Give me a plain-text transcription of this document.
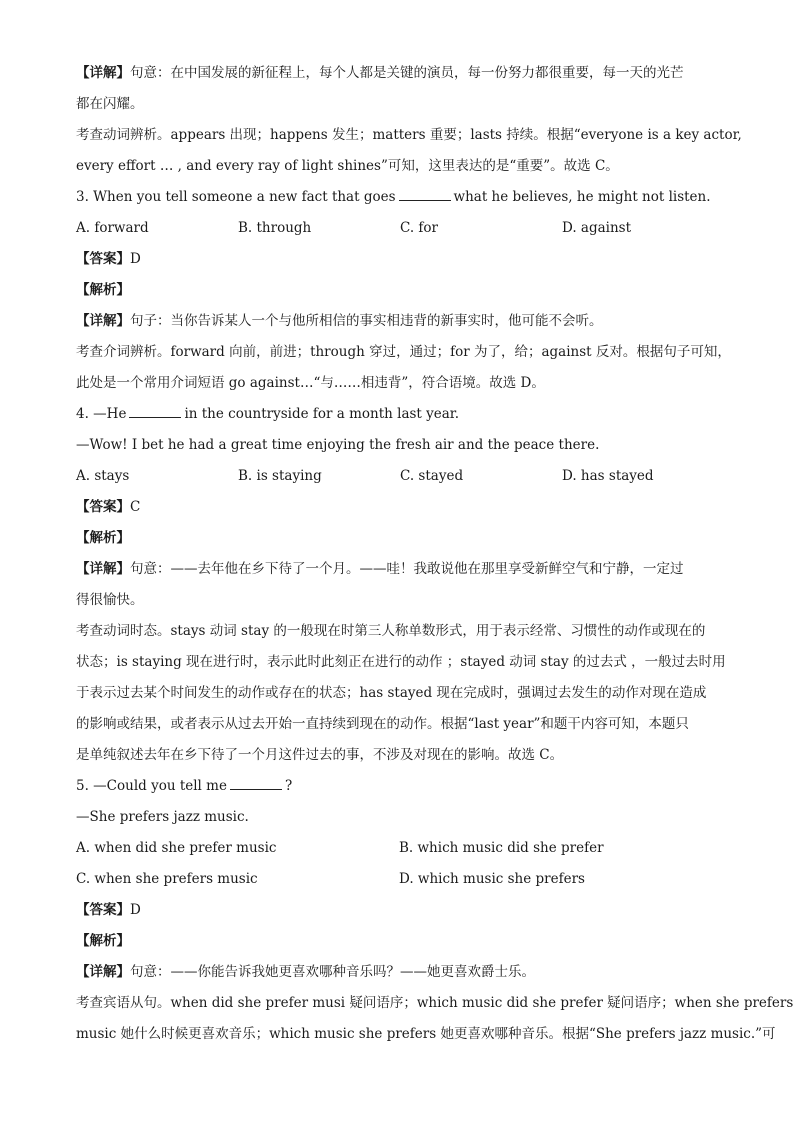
【详解】句意：在中国发展的新征程上，每个人都是关键的演员，每一份努力都很重要，每一天的光芒
都在闪耀。
考查动词辨析。appears 出现；happens 发生；matters 重要；lasts 持续。根据“everyone is a key actor,
every effort … , and every ray of light shines”可知，这里表达的是“重要”。故选 C。
3. When you tell someone a new fact that goes	what he believes, he might not listen.
A. forward	B. through	C. for	D. against
【答案】D
【解析】
【详解】句子：当你告诉某人一个与他所相信的事实相违背的新事实时，他可能不会听。
考查介词辨析。forward 向前，前进；through 穿过，通过；for 为了，给；against 反对。根据句子可知，
此处是一个常用介词短语 go against…“与……相违背”，符合语境。故选 D。
4. —He	in the countryside for a month last year.
—Wow! I bet he had a great time enjoying the fresh air and the peace there.
A. stays	B. is staying	C. stayed	D. has stayed
【答案】C
【解析】
【详解】句意：——去年他在乡下待了一个月。——哇！我敢说他在那里享受新鲜空气和宁静，一定过
得很愉快。
考查动词时态。stays 动词 stay 的一般现在时第三人称单数形式，用于表示经常、习惯性的动作或现在的
状态；is staying 现在进行时，表示此时此刻正在进行的动作 ；stayed 动词 stay 的过去式 ，一般过去时用
于表示过去某个时间发生的动作或存在的状态；has stayed 现在完成时，强调过去发生的动作对现在造成
的影响或结果，或者表示从过去开始一直持续到现在的动作。根据“last year”和题干内容可知，本题只
是单纯叙述去年在乡下待了一个月这件过去的事，不涉及对现在的影响。故选 C。
5. —Could you tell me	?
—She prefers jazz music.
A. when did she prefer music	B. which music did she prefer
C. when she prefers music	D. which music she prefers
【答案】D
【解析】
【详解】句意：——你能告诉我她更喜欢哪种音乐吗？——她更喜欢爵士乐。
考查宾语从句。when did she prefer musi 疑问语序；which music did she prefer 疑问语序；when she prefers
music 她什么时候更喜欢音乐；which music she prefers 她更喜欢哪种音乐。根据“She prefers jazz music.”可
